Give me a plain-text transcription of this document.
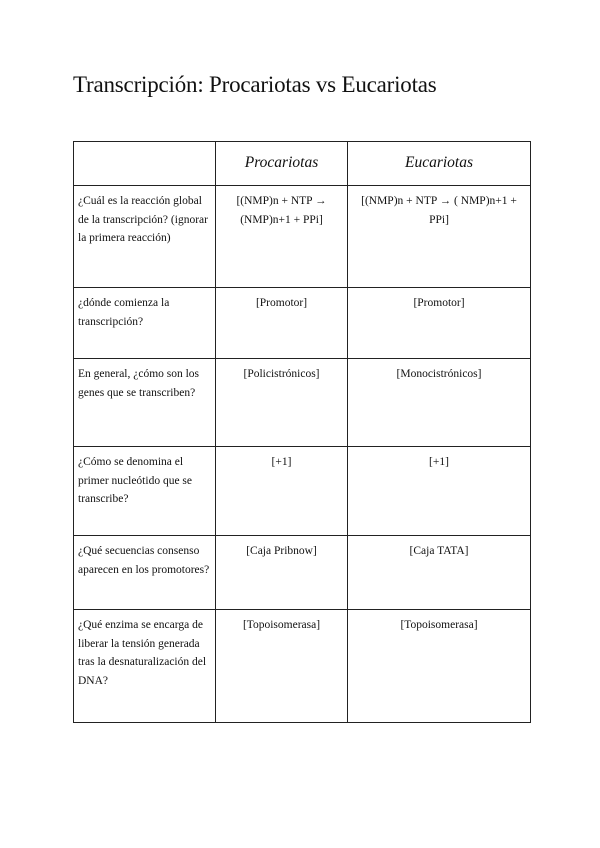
Transcripción: Procariotas vs Eucariotas
	Procariotas	Eucariotas
¿Cuál es la reacción global de la transcripción? (ignorar la primera reacción)	[(NMP)n + NTP → (NMP)n+1 + PPi]	[(NMP)n + NTP → ( NMP)n+1 + PPi]
¿dónde comienza la transcripción?	[Promotor]	[Promotor]
En general, ¿cómo son los genes que se transcriben?	[Policistrónicos]	[Monocistrónicos]
¿Cómo se denomina el primer nucleótido que se transcribe?	[+1]	[+1]
¿Qué secuencias consenso aparecen en los promotores?	[Caja Pribnow]	[Caja TATA]
¿Qué enzima se encarga de liberar la tensión generada tras la desnaturalización del DNA?	[Topoisomerasa]	[Topoisomerasa]
